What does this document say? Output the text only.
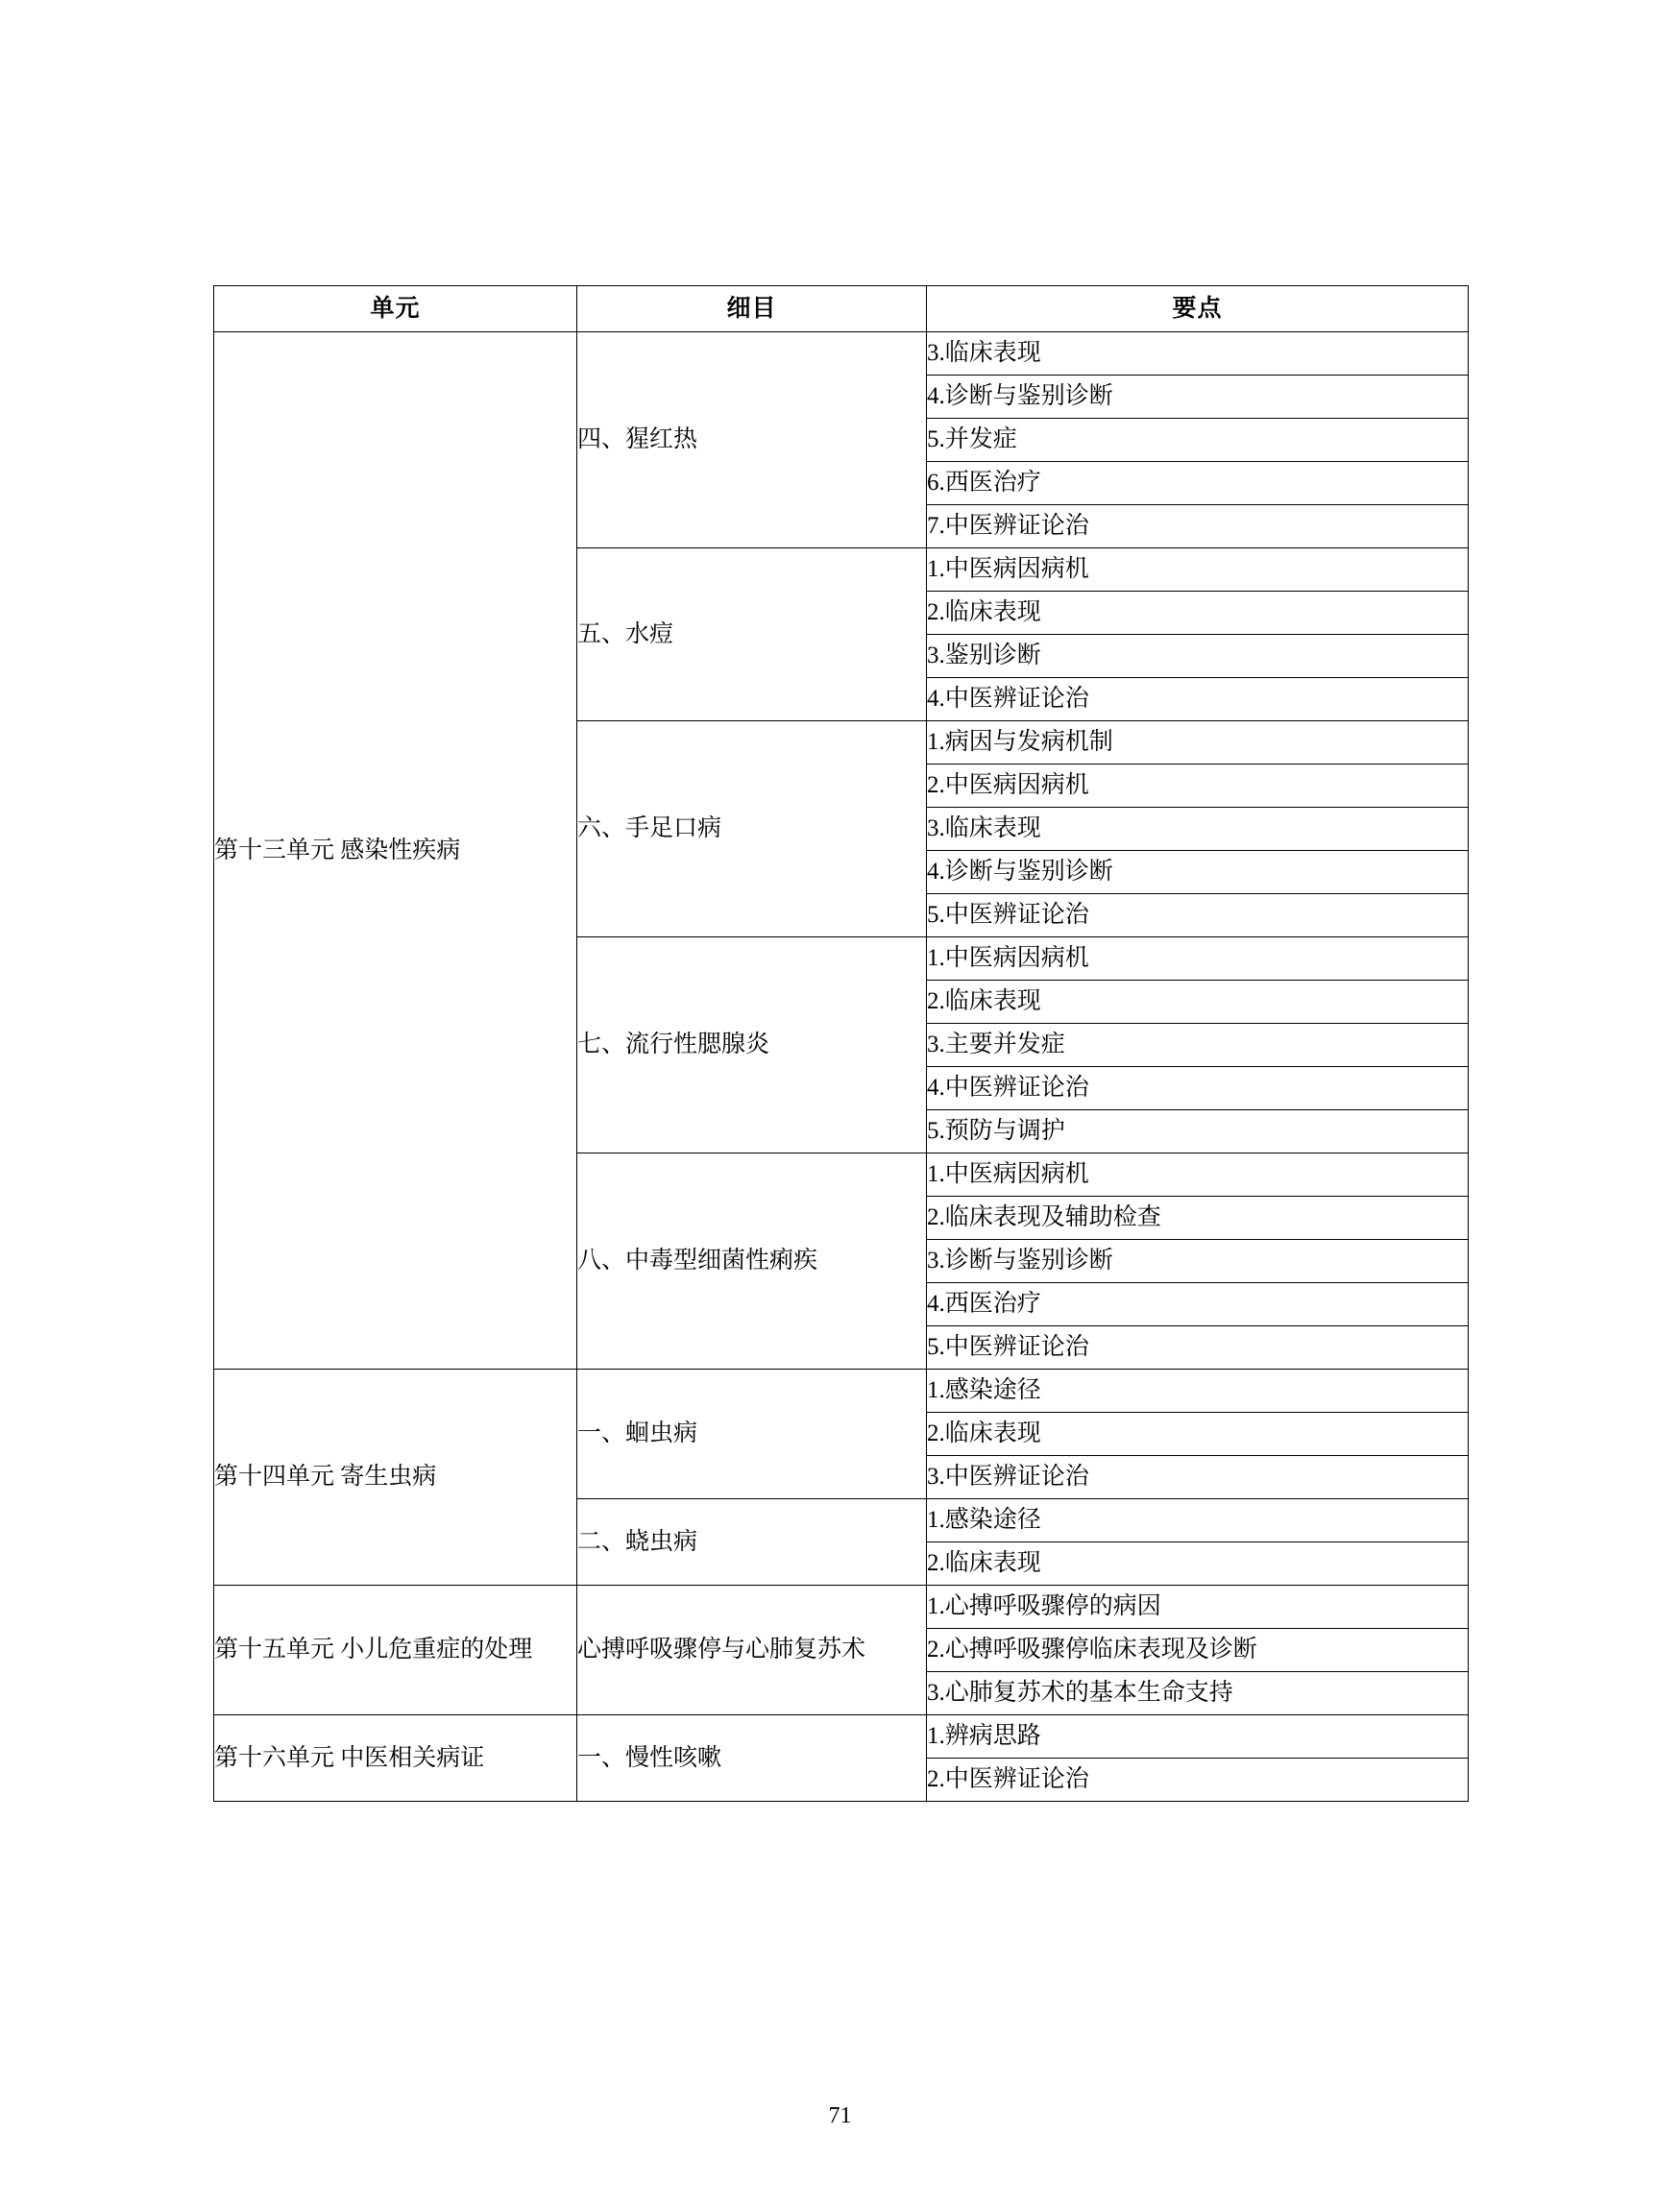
单元	细目	要点
第十三单元 感染性疾病	四、猩红热	3.临床表现
		4.诊断与鉴别诊断
		5.并发症
		6.西医治疗
		7.中医辨证论治
	五、水痘	1.中医病因病机
		2.临床表现
		3.鉴别诊断
		4.中医辨证论治
	六、手足口病	1.病因与发病机制
		2.中医病因病机
		3.临床表现
		4.诊断与鉴别诊断
		5.中医辨证论治
	七、流行性腮腺炎	1.中医病因病机
		2.临床表现
		3.主要并发症
		4.中医辨证论治
		5.预防与调护
	八、中毒型细菌性痢疾	1.中医病因病机
		2.临床表现及辅助检查
		3.诊断与鉴别诊断
		4.西医治疗
		5.中医辨证论治
第十四单元 寄生虫病	一、蛔虫病	1.感染途径
		2.临床表现
		3.中医辨证论治
	二、蛲虫病	1.感染途径
		2.临床表现
第十五单元 小儿危重症的处理	心搏呼吸骤停与心肺复苏术	1.心搏呼吸骤停的病因
		2.心搏呼吸骤停临床表现及诊断
		3.心肺复苏术的基本生命支持
第十六单元 中医相关病证	一、慢性咳嗽	1.辨病思路
		2.中医辨证论治
71
